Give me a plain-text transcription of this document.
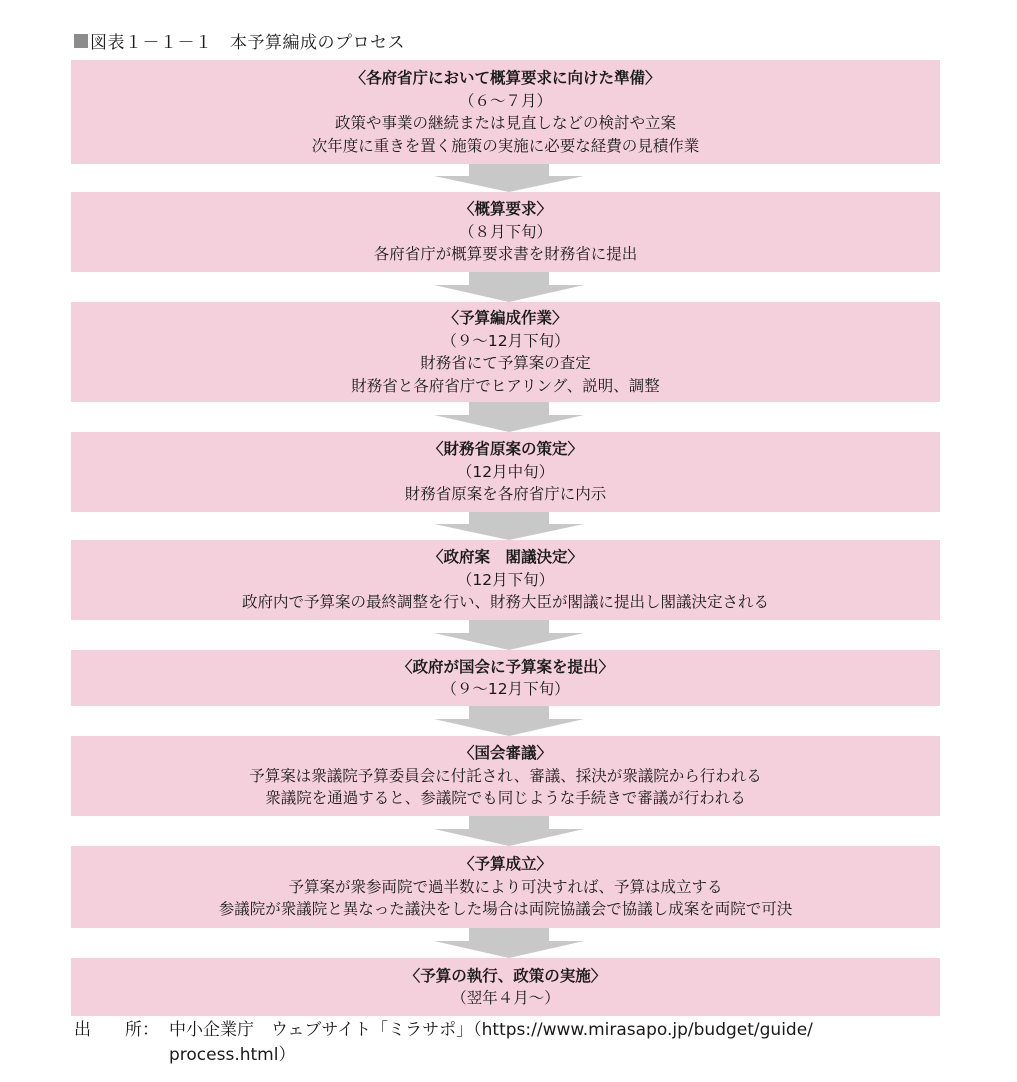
図表１－１－１　本予算編成のプロセス
〈各府省庁において概算要求に向けた準備〉
（６～７月）
政策や事業の継続または見直しなどの検討や立案
次年度に重きを置く施策の実施に必要な経費の見積作業
〈概算要求〉
（８月下旬）
各府省庁が概算要求書を財務省に提出
〈予算編成作業〉
（９～12月下旬）
財務省にて予算案の査定
財務省と各府省庁でヒアリング、説明、調整
〈財務省原案の策定〉
（12月中旬）
財務省原案を各府省庁に内示
〈政府案　閣議決定〉
（12月下旬）
政府内で予算案の最終調整を行い、財務大臣が閣議に提出し閣議決定される
〈政府が国会に予算案を提出〉
（９～12月下旬）
〈国会審議〉
予算案は衆議院予算委員会に付託され、審議、採決が衆議院から行われる
衆議院を通過すると、参議院でも同じような手続きで審議が行われる
〈予算成立〉
予算案が衆参両院で過半数により可決すれば、予算は成立する
参議院が衆議院と異なった議決をした場合は両院協議会で協議し成案を両院で可決
〈予算の執行、政策の実施〉
（翌年４月～）
出　　所： 中小企業庁　ウェブサイト「ミラサポ」（https://www.mirasapo.jp/budget/guide/
process.html）
